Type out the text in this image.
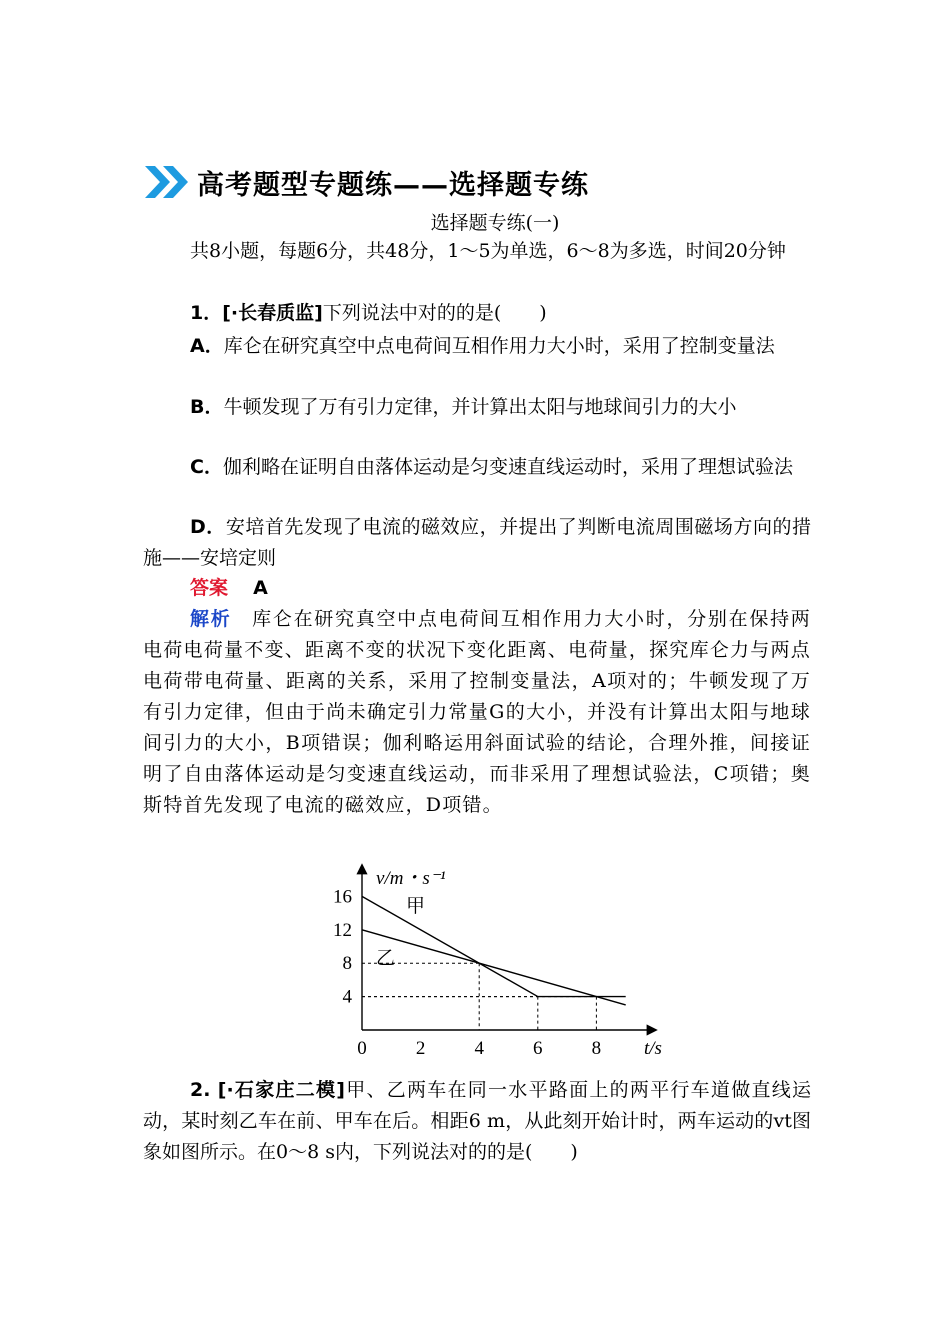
高考题型专题练——选择题专练
选择题专练(一)
共8小题，每题6分，共48分，1～5为单选，6～8为多选，时间20分钟
1．[·长春质监]下列说法中对的的是(　　)
A．库仑在研究真空中点电荷间互相作用力大小时，采用了控制变量法
B．牛顿发现了万有引力定律，并计算出太阳与地球间引力的大小
C．伽利略在证明自由落体运动是匀变速直线运动时，采用了理想试验法
D．安培首先发现了电流的磁效应，并提出了判断电流周围磁场方向的措施——安培定则
答案　 A
解析　 库仑在研究真空中点电荷间互相作用力大小时，分别在保持两电荷电荷量不变、距离不变的状况下变化距离、电荷量，探究库仑力与两点电荷带电荷量、距离的关系，采用了控制变量法，A项对的；牛顿发现了万有引力定律，但由于尚未确定引力常量G的大小，并没有计算出太阳与地球间引力的大小，B项错误；伽利略运用斜面试验的结论，合理外推，间接证明了自由落体运动是匀变速直线运动，而非采用了理想试验法，C项错；奥斯特首先发现了电流的磁效应，D项错。
0	2	4	6	8
4
8
12
16
v/m・s⁻¹
t/s
甲
乙
2. [·石家庄二模]甲、乙两车在同一水平路面上的两平行车道做直线运动，某时刻乙车在前、甲车在后。相距6 m，从此刻开始计时，两车运动的vt图象如图所示。在0～8 s内，下列说法对的的是(　　)
